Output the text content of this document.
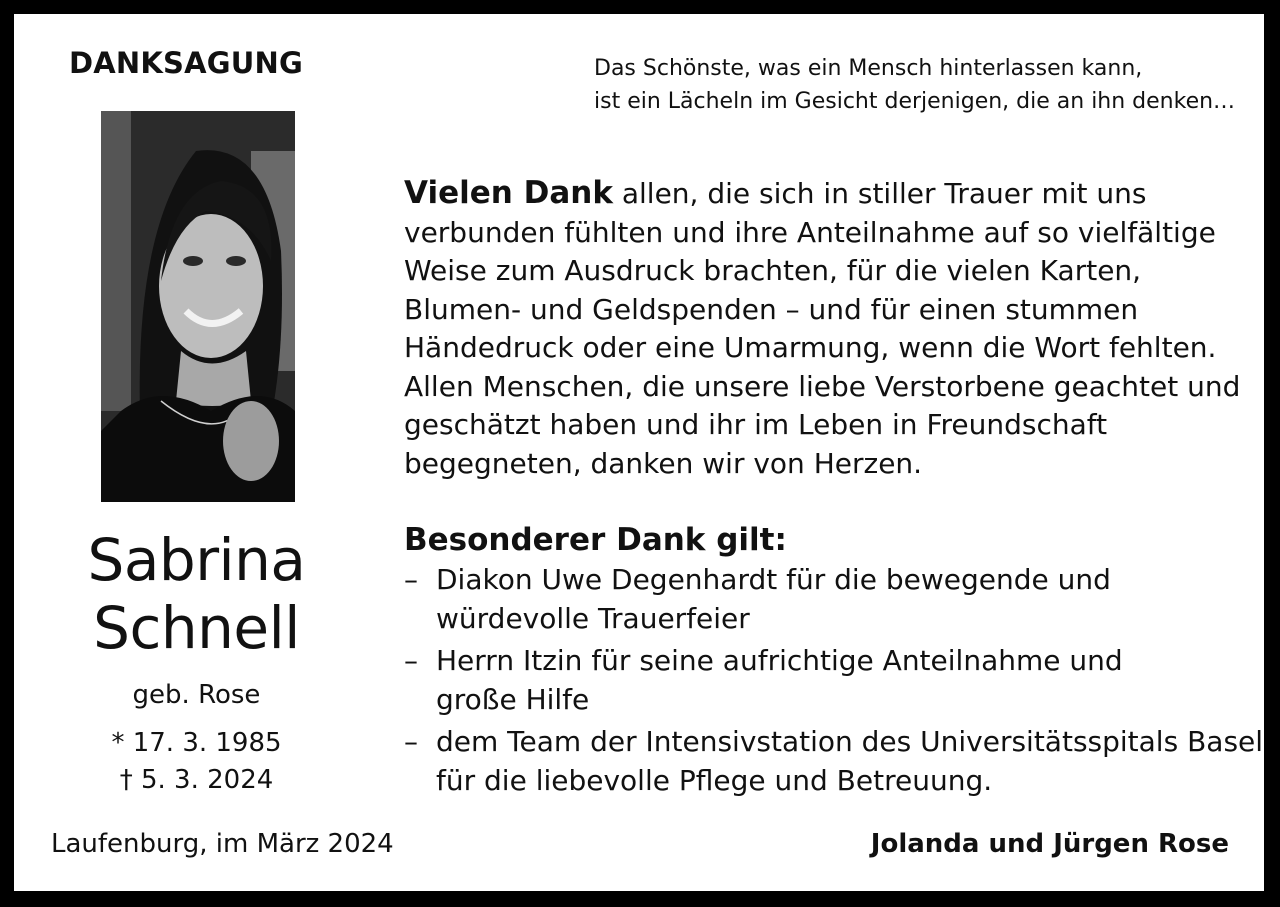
DANKSAGUNG	Das Schönste, was ein Mensch hinterlassen kann,
ist ein Lächeln im Gesicht derjenigen, die an ihn denken…
Sabrina
Schnell
geb. Rose
* 17. 3. 1985
† 5. 3. 2024
Vielen Dank allen, die sich in stiller Trauer mit uns
verbunden fühlten und ihre Anteilnahme auf so vielfältige
Weise zum Ausdruck brachten, für die vielen Karten,
Blumen- und Geldspenden – und für einen stummen
Händedruck oder eine Umarmung, wenn die Wort fehlten.
Allen Menschen, die unsere liebe Verstorbene geachtet und
geschätzt haben und ihr im Leben in Freundschaft
begegneten, danken wir von Herzen.
Besonderer Dank gilt:
– Diakon Uwe Degenhardt für die bewegende und
würdevolle Trauerfeier
– Herrn Itzin für seine aufrichtige Anteilnahme und
große Hilfe
– dem Team der Intensivstation des Universitätsspitals Basel
für die liebevolle Pflege und Betreuung.
Laufenburg, im März 2024	Jolanda und Jürgen Rose
